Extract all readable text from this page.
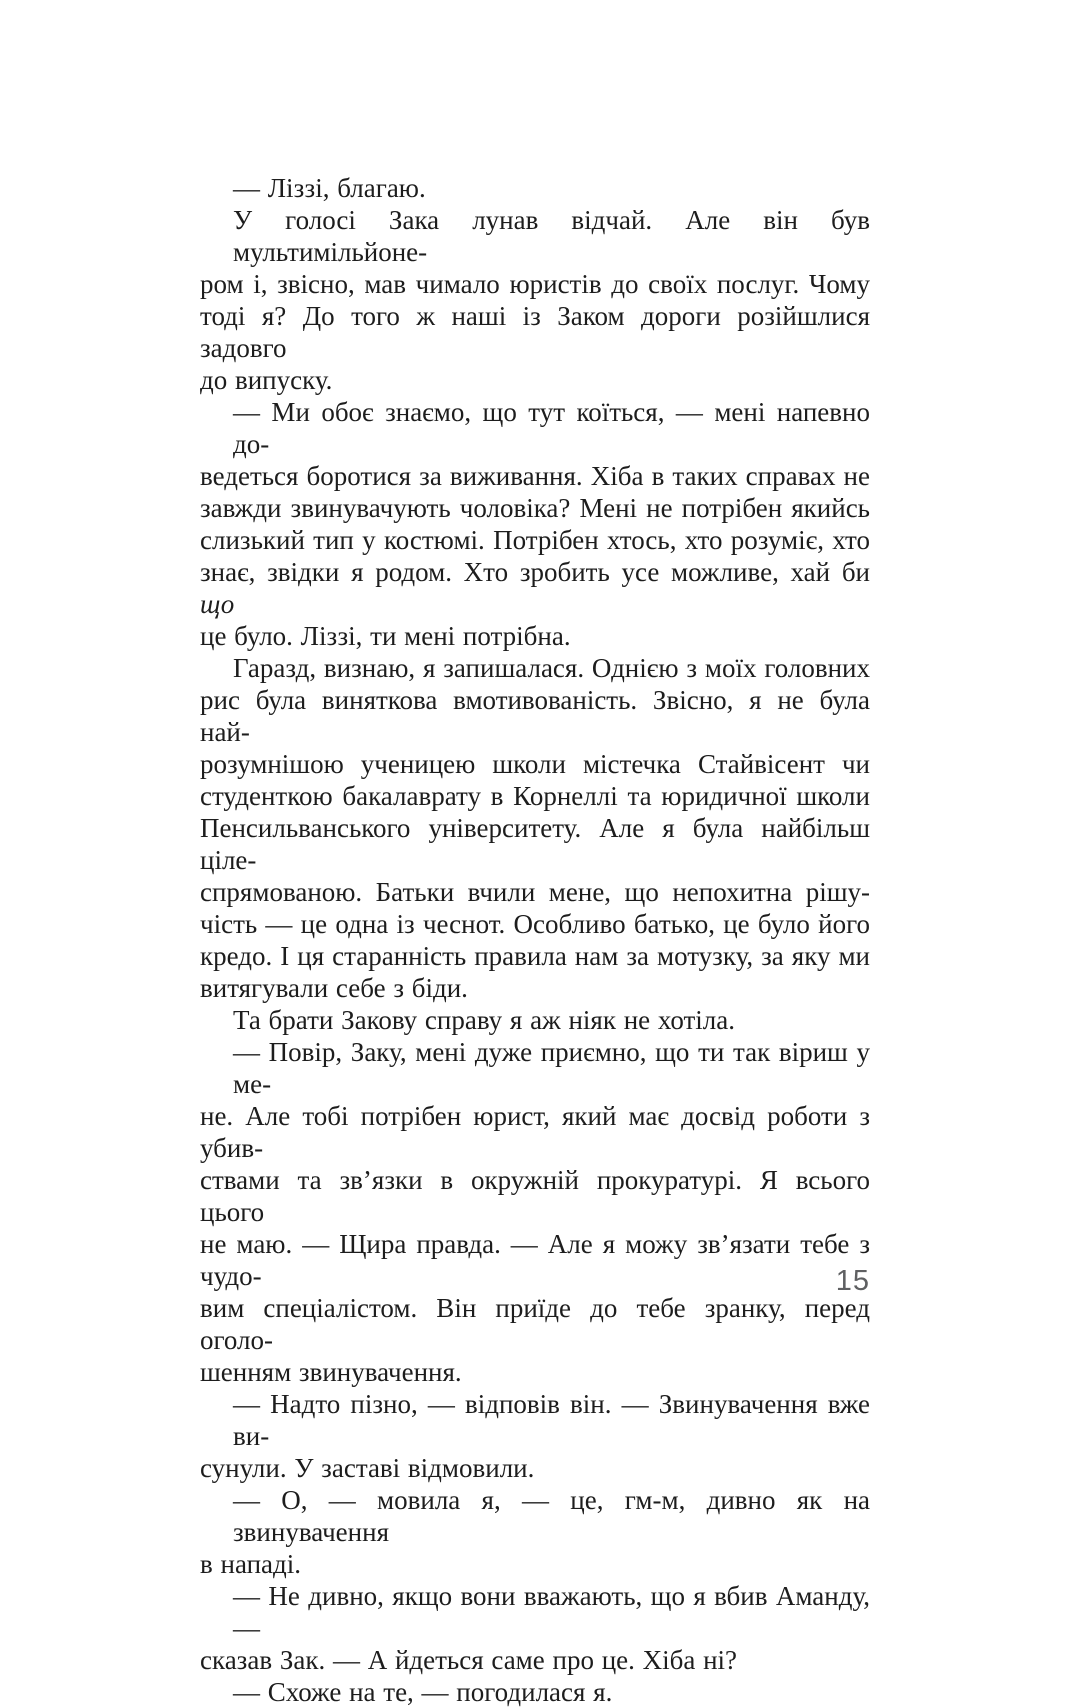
— Ліззі, благаю.
У голосі Зака лунав відчай. Але він був мультимільйоне-
ром і, звісно, мав чимало юристів до своїх послуг. Чому
тоді я? До того ж наші із Заком дороги розійшлися задовго
до випуску.
— Ми обоє знаємо, що тут коїться, — мені напевно до-
ведеться боротися за виживання. Хіба в таких справах не
завжди звинувачують чоловіка? Мені не потрібен якийсь
слизький тип у костюмі. Потрібен хтось, хто розуміє, хто
знає, звідки я родом. Хто зробить усе можливе, хай би що
це було. Ліззі, ти мені потрібна.
Гаразд, визнаю, я запишалася. Однією з моїх головних
рис була виняткова вмотивованість. Звісно, я не була най-
розумнішою ученицею школи містечка Стайвісент чи
студенткою бакалаврату в Корнеллі та юридичної школи
Пенсильванського університету. Але я була найбільш ціле-
спрямованою. Батьки вчили мене, що непохитна рішу-
чість — це одна із чеснот. Особливо батько, це було його
кредо. І ця старанність правила нам за мотузку, за яку ми
витягували себе з біди.
Та брати Закову справу я аж ніяк не хотіла.
— Повір, Заку, мені дуже приємно, що ти так віриш у ме-
не. Але тобі потрібен юрист, який має досвід роботи з убив-
ствами та зв’язки в окружній прокуратурі. Я всього цього
не маю. — Щира правда. — Але я можу зв’язати тебе з чудо-
вим спеціалістом. Він приїде до тебе зранку, перед оголо-
шенням звинувачення.
— Надто пізно, — відповів він. — Звинувачення вже ви-
сунули. У заставі відмовили.
— О, — мовила я, — це, гм-м, дивно як на звинувачення
в нападі.
— Не дивно, якщо вони вважають, що я вбив Аманду, —
сказав Зак. — А йдеться саме про це. Хіба ні?
— Схоже на те, — погодилася я.
15
